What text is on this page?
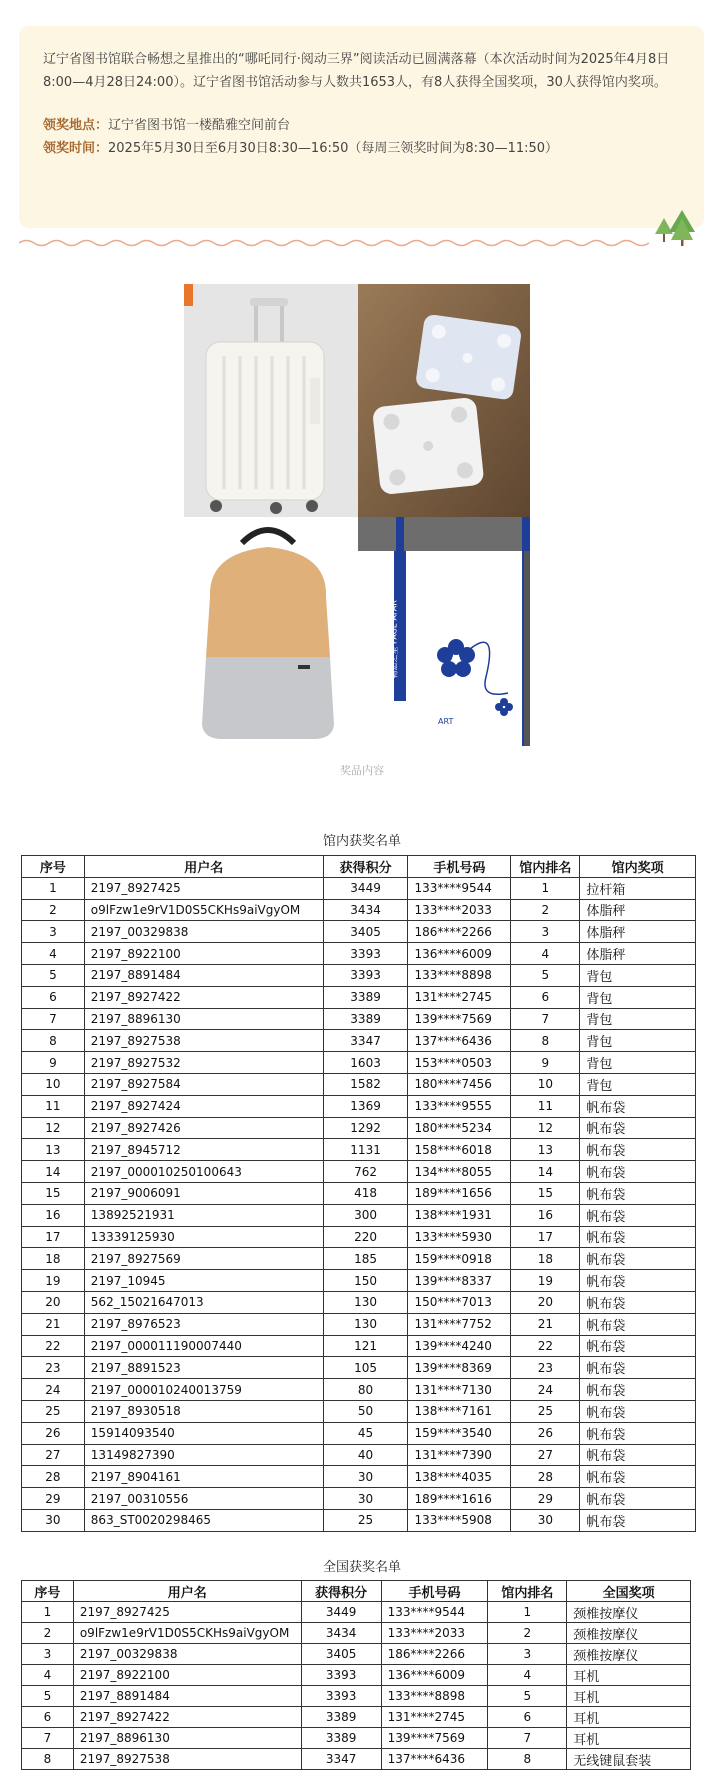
辽宁省图书馆联合畅想之星推出的“哪吒同行·阅动三界”阅读活动已圆满落幕（本次活动时间为2025年4月8日8:00—4月28日24:00）。辽宁省图书馆活动参与人数共1653人，有8人获得全国奖项，30人获得馆内奖项。

领奖地点：辽宁省图书馆一楼酷雅空间前台

领奖时间：2025年5月30日至6月30日8:30—16:50（每周三领奖时间为8:30—11:50）

畅想之星 PAGE AFAR
ART
奖品内容
馆内获奖名单
序号	用户名	获得积分	手机号码	馆内排名	馆内奖项
1	2197_8927425	3449	133****9544	1	拉杆箱
2	o9lFzw1e9rV1D0S5CKHs9aiVgyOM	3434	133****2033	2	体脂秤
3	2197_00329838	3405	186****2266	3	体脂秤
4	2197_8922100	3393	136****6009	4	体脂秤
5	2197_8891484	3393	133****8898	5	背包
6	2197_8927422	3389	131****2745	6	背包
7	2197_8896130	3389	139****7569	7	背包
8	2197_8927538	3347	137****6436	8	背包
9	2197_8927532	1603	153****0503	9	背包
10	2197_8927584	1582	180****7456	10	背包
11	2197_8927424	1369	133****9555	11	帆布袋
12	2197_8927426	1292	180****5234	12	帆布袋
13	2197_8945712	1131	158****6018	13	帆布袋
14	2197_000010250100643	762	134****8055	14	帆布袋
15	2197_9006091	418	189****1656	15	帆布袋
16	13892521931	300	138****1931	16	帆布袋
17	13339125930	220	133****5930	17	帆布袋
18	2197_8927569	185	159****0918	18	帆布袋
19	2197_10945	150	139****8337	19	帆布袋
20	562_15021647013	130	150****7013	20	帆布袋
21	2197_8976523	130	131****7752	21	帆布袋
22	2197_000011190007440	121	139****4240	22	帆布袋
23	2197_8891523	105	139****8369	23	帆布袋
24	2197_000010240013759	80	131****7130	24	帆布袋
25	2197_8930518	50	138****7161	25	帆布袋
26	15914093540	45	159****3540	26	帆布袋
27	13149827390	40	131****7390	27	帆布袋
28	2197_8904161	30	138****4035	28	帆布袋
29	2197_00310556	30	189****1616	29	帆布袋
30	863_ST0020298465	25	133****5908	30	帆布袋
全国获奖名单
序号	用户名	获得积分	手机号码	馆内排名	全国奖项
1	2197_8927425	3449	133****9544	1	颈椎按摩仪
2	o9lFzw1e9rV1D0S5CKHs9aiVgyOM	3434	133****2033	2	颈椎按摩仪
3	2197_00329838	3405	186****2266	3	颈椎按摩仪
4	2197_8922100	3393	136****6009	4	耳机
5	2197_8891484	3393	133****8898	5	耳机
6	2197_8927422	3389	131****2745	6	耳机
7	2197_8896130	3389	139****7569	7	耳机
8	2197_8927538	3347	137****6436	8	无线键鼠套装
